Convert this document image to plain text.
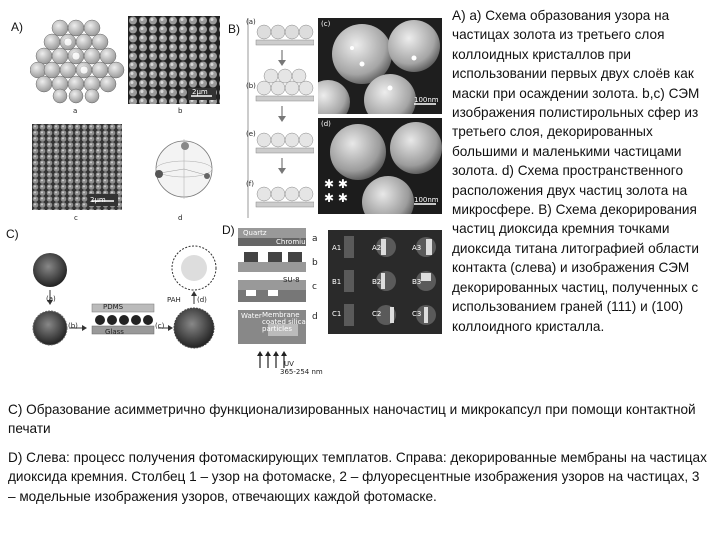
A)	B)
C)	D)
a
2μm
b
2μm
c	d
(a)
(b)
(e)
(f)
(c)
100nm
✱ ✱
✱ ✱
(d)
100nm
(a)
(b)	(c)
(d)
PDMS
Glass
PAH
Quartz
Chromium
SU-8
Water Membrane coated silica particles
UV
365-254 nm
a
b
c
d
A1	A2	A3
B1	B2	B3
C1	C2	C3
A) а) Схема образования узора на частицах золота из третьего слоя коллоидных кристаллов при использовании первых двух слоёв как маски при осаждении золота. b,c) СЭМ изображения полистирольных сфер из третьего слоя, декорированных большими и маленькими частицами золота. d) Схема пространственного расположения двух частиц золота на микросфере. B) Схема декорирования частиц диоксида кремния точками диоксида титана литографией области контакта (слева) и изображения СЭМ декорированных частиц, полученных с использованием граней (111) и (100) коллоидного кристалла.
С) Образование асимметрично функционализированных наночастиц и микрокапсул при помощи контактной печати
D) Слева: процесс получения фотомаскирующих темплатов. Справа: декорированные мембраны на частицах диоксида кремния. Столбец 1 – узор на фотомаске, 2 – флуоресцентные изображения узоров на частицах, 3 – модельные изображения узоров, отвечающих каждой фотомаске.
